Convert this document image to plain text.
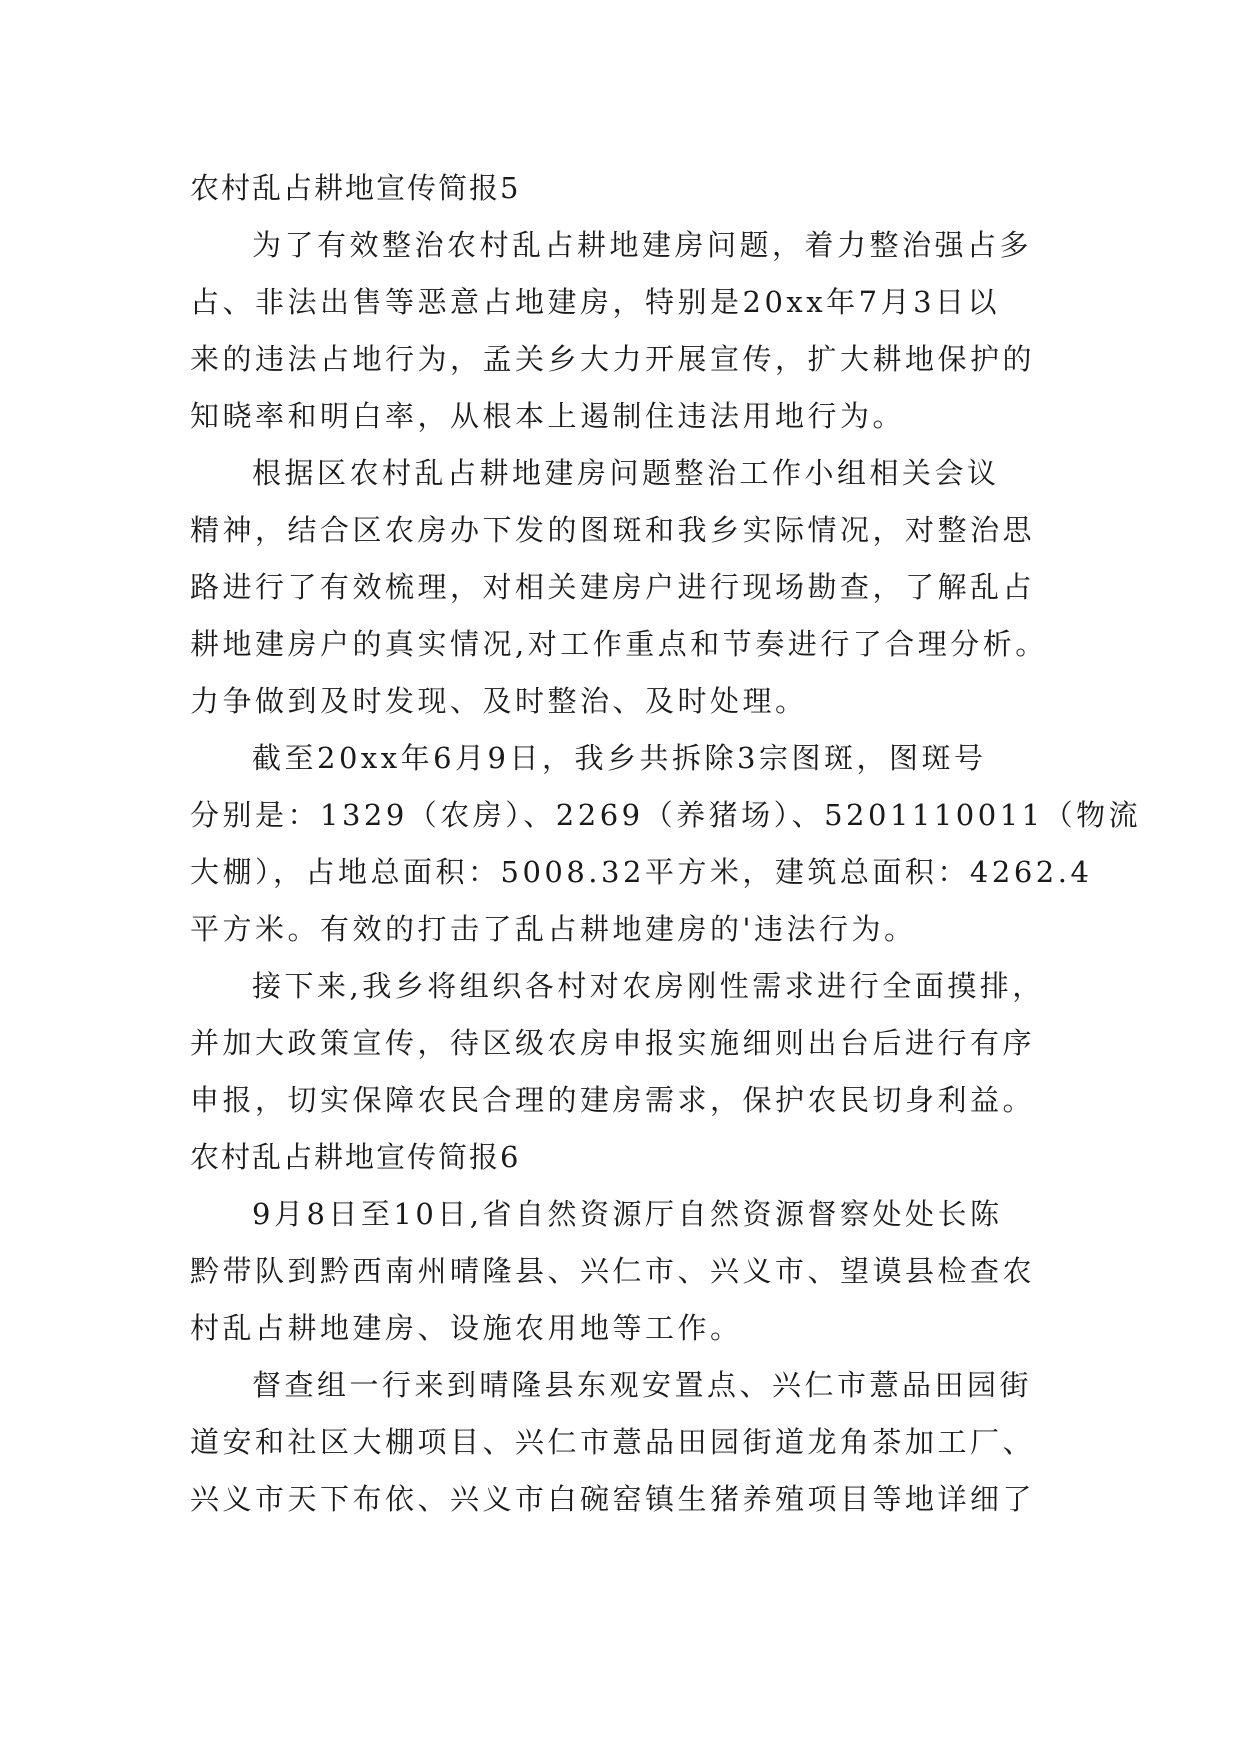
农村乱占耕地宣传简报5
为了有效整治农村乱占耕地建房问题，着力整治强占多
占、非法出售等恶意占地建房，特别是20xx年7月3日以
来的违法占地行为，孟关乡大力开展宣传，扩大耕地保护的
知晓率和明白率，从根本上遏制住违法用地行为。
根据区农村乱占耕地建房问题整治工作小组相关会议
精神，结合区农房办下发的图斑和我乡实际情况，对整治思
路进行了有效梳理，对相关建房户进行现场勘查，了解乱占
耕地建房户的真实情况,对工作重点和节奏进行了合理分析。
力争做到及时发现、及时整治、及时处理。
截至20xx年6月9日，我乡共拆除3宗图斑，图斑号
分别是：1329（农房）、2269（养猪场）、5201110011（物流
大棚），占地总面积：5008.32平方米，建筑总面积：4262.4
平方米。有效的打击了乱占耕地建房的'违法行为。
接下来,我乡将组织各村对农房刚性需求进行全面摸排，
并加大政策宣传，待区级农房申报实施细则出台后进行有序
申报，切实保障农民合理的建房需求，保护农民切身利益。
农村乱占耕地宣传简报6
9月8日至10日,省自然资源厅自然资源督察处处长陈
黔带队到黔西南州晴隆县、兴仁市、兴义市、望谟县检查农
村乱占耕地建房、设施农用地等工作。
督查组一行来到晴隆县东观安置点、兴仁市薏品田园街
道安和社区大棚项目、兴仁市薏品田园街道龙角茶加工厂、
兴义市天下布依、兴义市白碗窑镇生猪养殖项目等地详细了
